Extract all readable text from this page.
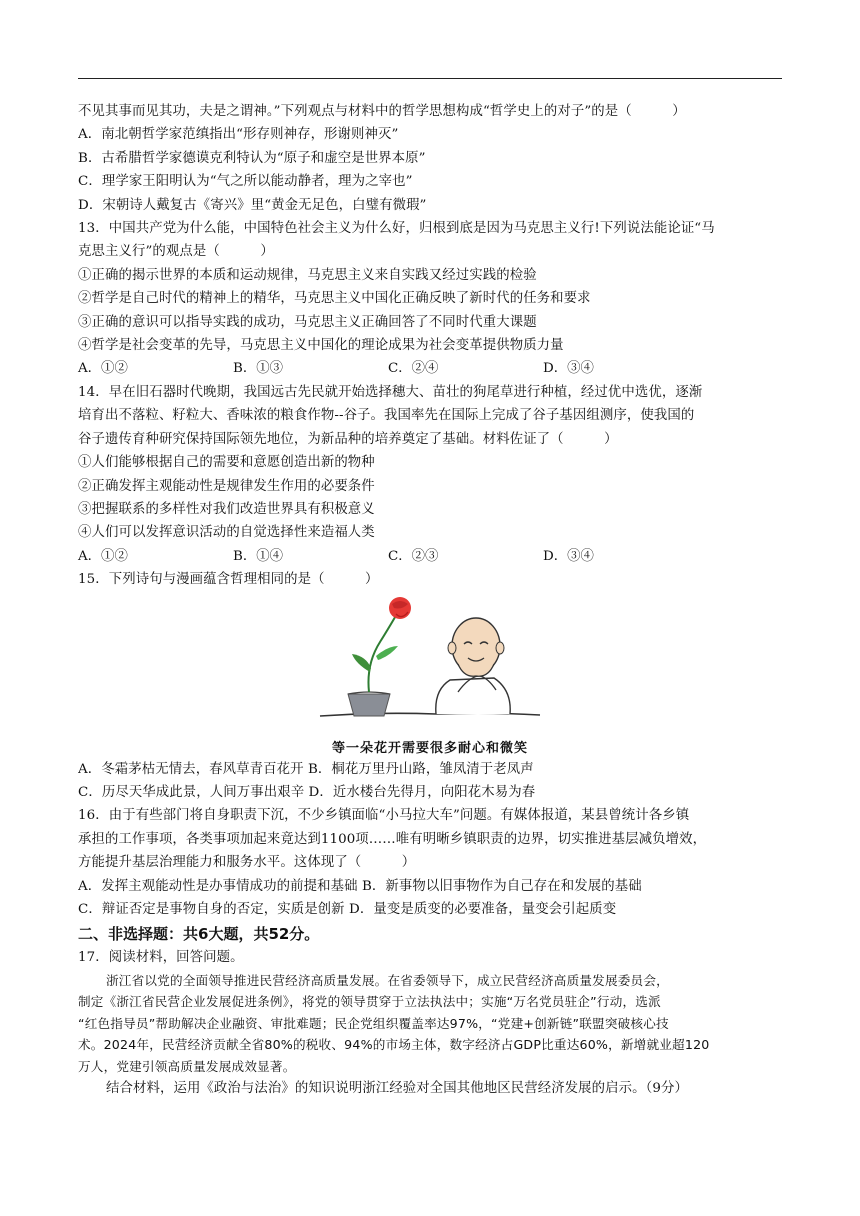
不见其事而见其功，夫是之谓神。”下列观点与材料中的哲学思想构成“哲学史上的对子”的是（　　　）
A．南北朝哲学家范缜指出“形存则神存，形谢则神灭”
B．古希腊哲学家德谟克利特认为“原子和虚空是世界本原”
C．理学家王阳明认为“气之所以能动静者，理为之宰也”
D．宋朝诗人戴复古《寄兴》里“黄金无足色，白璧有微瑕”
13．中国共产党为什么能，中国特色社会主义为什么好，归根到底是因为马克思主义行!下列说法能论证“马
克思主义行”的观点是（　　　）
①正确的揭示世界的本质和运动规律，马克思主义来自实践又经过实践的检验
②哲学是自己时代的精神上的精华，马克思主义中国化正确反映了新时代的任务和要求
③正确的意识可以指导实践的成功，马克思主义正确回答了不同时代重大课题
④哲学是社会变革的先导，马克思主义中国化的理论成果为社会变革提供物质力量
A．①②	B．①③	C．②④	D．③④
14．早在旧石器时代晚期，我国远古先民就开始选择穗大、苗壮的狗尾草进行种植，经过优中选优，逐渐
培育出不落粒、籽粒大、香味浓的粮食作物--谷子。我国率先在国际上完成了谷子基因组测序，使我国的
谷子遗传育种研究保持国际领先地位，为新品种的培养奠定了基础。材料佐证了（　　　）
①人们能够根据自己的需要和意愿创造出新的物种
②正确发挥主观能动性是规律发生作用的必要条件
③把握联系的多样性对我们改造世界具有积极意义
④人们可以发挥意识活动的自觉选择性来造福人类
A．①②	B．①④	C．②③	D．③④
15．下列诗句与漫画蕴含哲理相同的是（　　　）
等一朵花开需要很多耐心和微笑
A．冬霜茅枯无情去，春风草青百花开 B．桐花万里丹山路，雏凤清于老凤声
C．历尽天华成此景，人间万事出艰辛 D．近水楼台先得月，向阳花木易为春
16．由于有些部门将自身职责下沉，不少乡镇面临“小马拉大车”问题。有媒体报道，某县曾统计各乡镇
承担的工作事项，各类事项加起来竟达到1100项……唯有明晰乡镇职责的边界，切实推进基层减负增效，
方能提升基层治理能力和服务水平。这体现了（　　　）
A．发挥主观能动性是办事情成功的前提和基础 B．新事物以旧事物作为自己存在和发展的基础
C．辩证否定是事物自身的否定，实质是创新 D．量变是质变的必要准备，量变会引起质变
二、非选择题：共6大题，共52分。
17．阅读材料，回答问题。
浙江省以党的全面领导推进民营经济高质量发展。在省委领导下，成立民营经济高质量发展委员会，
制定《浙江省民营企业发展促进条例》，将党的领导贯穿于立法执法中；实施“万名党员驻企”行动，选派
“红色指导员”帮助解决企业融资、审批难题；民企党组织覆盖率达97%，“党建+创新链”联盟突破核心技
术。2024年，民营经济贡献全省80%的税收、94%的市场主体，数字经济占GDP比重达60%，新增就业超120
万人，党建引领高质量发展成效显著。
结合材料，运用《政治与法治》的知识说明浙江经验对全国其他地区民营经济发展的启示。（9分）
